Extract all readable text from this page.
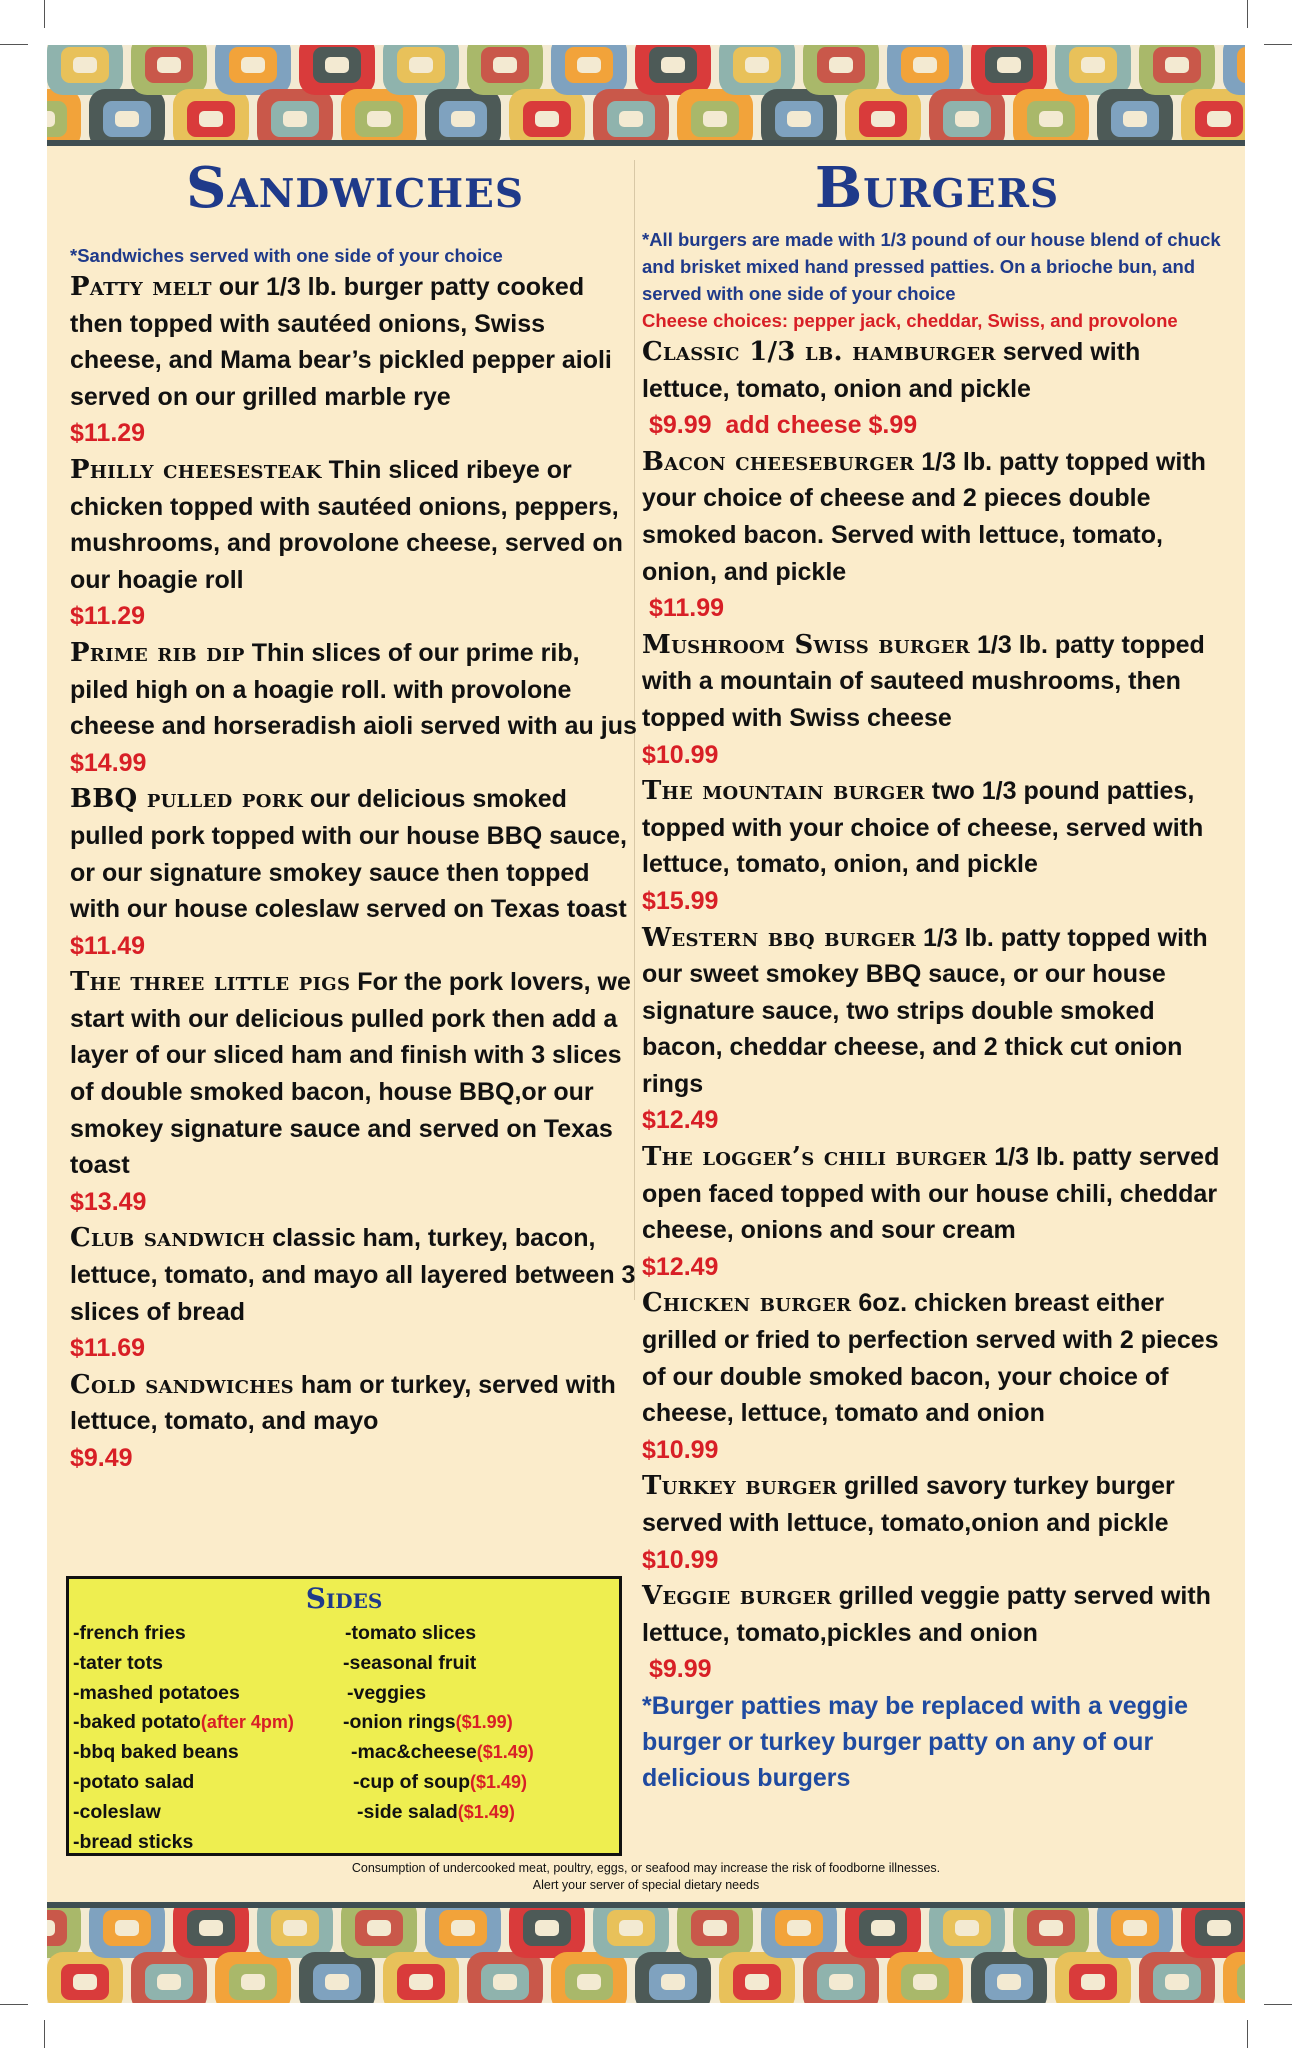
Sandwiches
*Sandwiches served with one side of your choice
Patty melt our 1/3 lb. burger patty cooked then topped with sautéed onions, Swiss cheese, and Mama bear’s pickled pepper aioli served on our grilled marble rye
$11.29
Philly cheesesteak Thin sliced ribeye or chicken topped with sautéed onions, peppers, mushrooms, and provolone cheese, served on our hoagie roll
$11.29
Prime rib dip Thin slices of our prime rib, piled high on a hoagie roll. with provolone cheese and horseradish aioli served with au jus
$14.99
BBQ pulled pork our delicious smoked pulled pork topped with our house BBQ sauce, or our signature smokey sauce then topped with our house coleslaw served on Texas toast
$11.49
The three little pigs For the pork lovers, we start with our delicious pulled pork then add a layer of our sliced ham and finish with 3 slices of double smoked bacon, house BBQ,or our smokey signature sauce and served on Texas toast
$13.49
Club sandwich classic ham, turkey, bacon, lettuce, tomato, and mayo all layered between 3 slices of bread
$11.69
Cold sandwiches ham or turkey, served with lettuce, tomato, and mayo
$9.49
Sides
-french fries
-tater tots
-mashed potatoes
-baked potato(after 4pm)
-bbq baked beans
-potato salad
-coleslaw
-bread sticks
-tomato slices
-seasonal fruit
-veggies
-onion rings($1.99)
-mac&cheese($1.49)
-cup of soup($1.49)
-side salad($1.49)
Burgers
*All burgers are made with 1/3 pound of our house blend of chuck and brisket mixed hand pressed patties. On a brioche bun, and served with one side of your choice
Cheese choices: pepper jack, cheddar, Swiss, and provolone
Classic 1/3 lb. hamburger served with lettuce, tomato, onion and pickle
$9.99  add cheese $.99
Bacon cheeseburger 1/3 lb. patty topped with your choice of cheese and 2 pieces double smoked bacon. Served with lettuce, tomato, onion, and pickle
$11.99
Mushroom Swiss burger 1/3 lb. patty topped with a mountain of sauteed mushrooms, then topped with Swiss cheese
$10.99
The mountain burger two 1/3 pound patties, topped with your choice of cheese, served with lettuce, tomato, onion, and pickle
$15.99
Western bbq burger 1/3 lb. patty topped with our sweet smokey BBQ sauce, or our house signature sauce, two strips double smoked bacon, cheddar cheese, and 2 thick cut onion rings
$12.49
The logger’s chili burger 1/3 lb. patty served open faced topped with our house chili, cheddar cheese, onions and sour cream
$12.49
Chicken burger 6oz. chicken breast either grilled or fried to perfection served with 2 pieces of our double smoked bacon, your choice of cheese, lettuce, tomato and onion
$10.99
Turkey burger grilled savory turkey burger served with lettuce, tomato,onion and pickle
$10.99
Veggie burger grilled veggie patty served with lettuce, tomato,pickles and onion
$9.99
*Burger patties may be replaced with a veggie burger or turkey burger patty on any of our delicious burgers
Consumption of undercooked meat, poultry, eggs, or seafood may increase the risk of foodborne illnesses.
Alert your server of special dietary needs
